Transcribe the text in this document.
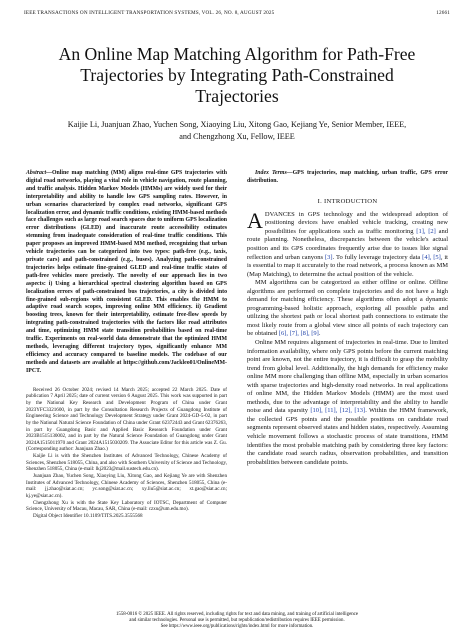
IEEE TRANSACTIONS ON INTELLIGENT TRANSPORTATION SYSTEMS, VOL. 26, NO. 8, AUGUST 2025	12661
An Online Map Matching Algorithm for Path-Free
Trajectories by Integrating Path-Constrained
Trajectories
Kaijie Li, Juanjuan Zhao, Yuchen Song, Xiaoying Liu, Xitong Gao, Kejiang Ye, Senior Member, IEEE,
and Chengzhong Xu, Fellow, IEEE
Abstract—Online map matching (MM) aligns real-time GPS trajectories with digital road networks, playing a vital role in vehicle navigation, route planning, and traffic analysis. Hidden Markov Models (HMMs) are widely used for their interpretability and ability to handle low GPS sampling rates. However, in urban scenarios characterized by complex road networks, significant GPS localization error, and dynamic traffic conditions, existing HMM-based methods face challenges such as large road search spaces due to uniform GPS localization error distributions (GLED) and inaccurate route accessibility estimates stemming from inadequate consideration of real-time traffic conditions. This paper proposes an improved HMM-based MM method, recognizing that urban vehicle trajectories can be categorized into two types: path-free (e.g., taxis, private cars) and path-constrained (e.g., buses). Analyzing path-constrained trajectories helps estimate fine-grained GLED and real-time traffic states of path-free vehicles more precisely. The novelty of our approach lies in two aspects: i) Using a hierarchical spectral clustering algorithm based on GPS localization errors of path-constrained bus trajectories, a city is divided into fine-grained sub-regions with consistent GLED. This enables the HMM to adaptive road search scopes, improving online MM efficiency. ii) Gradient boosting trees, known for their interpretability, estimate free-flow speeds by integrating path-constrained trajectories with the factors like road attributes and time, optimizing HMM state transition probabilities based on real-time traffic. Experiments on real-world data demonstrate that the optimized HMM methods, leveraging different trajectory types, significantly enhance MM efficiency and accuracy compared to baseline models. The codebase of our methods and datasets are available at https://github.com/Jackleo01/OnlineMM-IPCT.

Received 26 October 2024; revised 14 March 2025; accepted 22 March 2025. Date of publication 7 April 2025; date of current version 6 August 2025. This work was supported in part by the National Key Research and Development Program of China under Grant 2023YFC3321600, in part by the Consultation Research Projects of Guangdong Institute of Engineering Science and Technology Development Strategy under Grant 2024-GD-5-02, in part by the National Natural Science Foundation of China under Grant 62372443 and Grant 62376263, in part by Guangdong Basic and Applied Basic Research Foundation under Grant 2023B1515130002, and in part by the Natural Science Foundation of Guangdong under Grant 2024A1515011970 and Grant 2024A1515030209. The Associate Editor for this article was Z. Gu. (Corresponding author: Juanjuan Zhao.)

Kaijie Li is with the Shenzhen Institutes of Advanced Technology, Chinese Academy of Sciences, Shenzhen 518055, China, and also with Southern University of Science and Technology, Shenzhen 518055, China (e-mail: lkj2023@mail.sustech.edu.cn).

Juanjuan Zhao, Yuchen Song, Xiaoying Liu, Xitong Gao, and Kejiang Ye are with Shenzhen Institutes of Advanced Technology, Chinese Academy of Sciences, Shenzhen 518055, China (e-mail: jj.zhao@siat.ac.cn; yc.song@siat.ac.cn; xy.liu5@siat.ac.cn; xt.gao@siat.ac.cn; kj.ye@siat.ac.cn).

Chengzhong Xu is with the State Key Laboratory of IOTSC, Department of Computer Science, University of Macau, Macau, SAR, China (e-mail: czxu@um.edu.mo).

Digital Object Identifier 10.1109/TITS.2025.3555568

Index Terms—GPS trajectories, map matching, urban traffic, GPS error distribution.

I. INTRODUCTION

ADVANCES in GPS technology and the widespread adoption of positioning devices have enabled vehicle tracking, creating new possibilities for applications such as traffic monitoring [1], [2] and route planning. Nonetheless, discrepancies between the vehicle's actual position and its GPS coordinates frequently arise due to issues like signal reflection and urban canyons [3]. To fully leverage trajectory data [4], [5], it is essential to map it accurately to the road network, a process known as MM (Map Matching), to determine the actual position of the vehicle.

MM algorithms can be categorized as either offline or online. Offline algorithms are performed on complete trajectories and do not have a high demand for matching efficiency. These algorithms often adopt a dynamic programming-based holistic approach, exploring all possible paths and utilizing the shortest path or local shortest path connections to estimate the most likely route from a global view since all points of each trajectory can be obtained [6], [7], [8], [9].

Online MM requires alignment of trajectories in real-time. Due to limited information availability, where only GPS points before the current matching point are known, not the entire trajectory, it is difficult to grasp the mobility trend from global level. Additionally, the high demands for efficiency make online MM more challenging than offline MM, especially in urban scenarios with sparse trajectories and high-density road networks. In real applications of online MM, the Hidden Markov Models (HMM) are the most used methods, due to the advantage of interpretability and the ability to handle noise and data sparsity [10], [11], [12], [13]. Within the HMM framework, the collected GPS points and the possible positions on candidate road segments represent observed states and hidden states, respectively. Assuming vehicle movement follows a stochastic process of state transitions, HMM identifies the most probable matching path by considering three key factors: the candidate road search radius, observation probabilities, and transition probabilities between candidate points.

1558-0016 © 2025 IEEE. All rights reserved, including rights for text and data mining, and training of artificial intelligence
and similar technologies. Personal use is permitted, but republication/redistribution requires IEEE permission.
See https://www.ieee.org/publications/rights/index.html for more information.
